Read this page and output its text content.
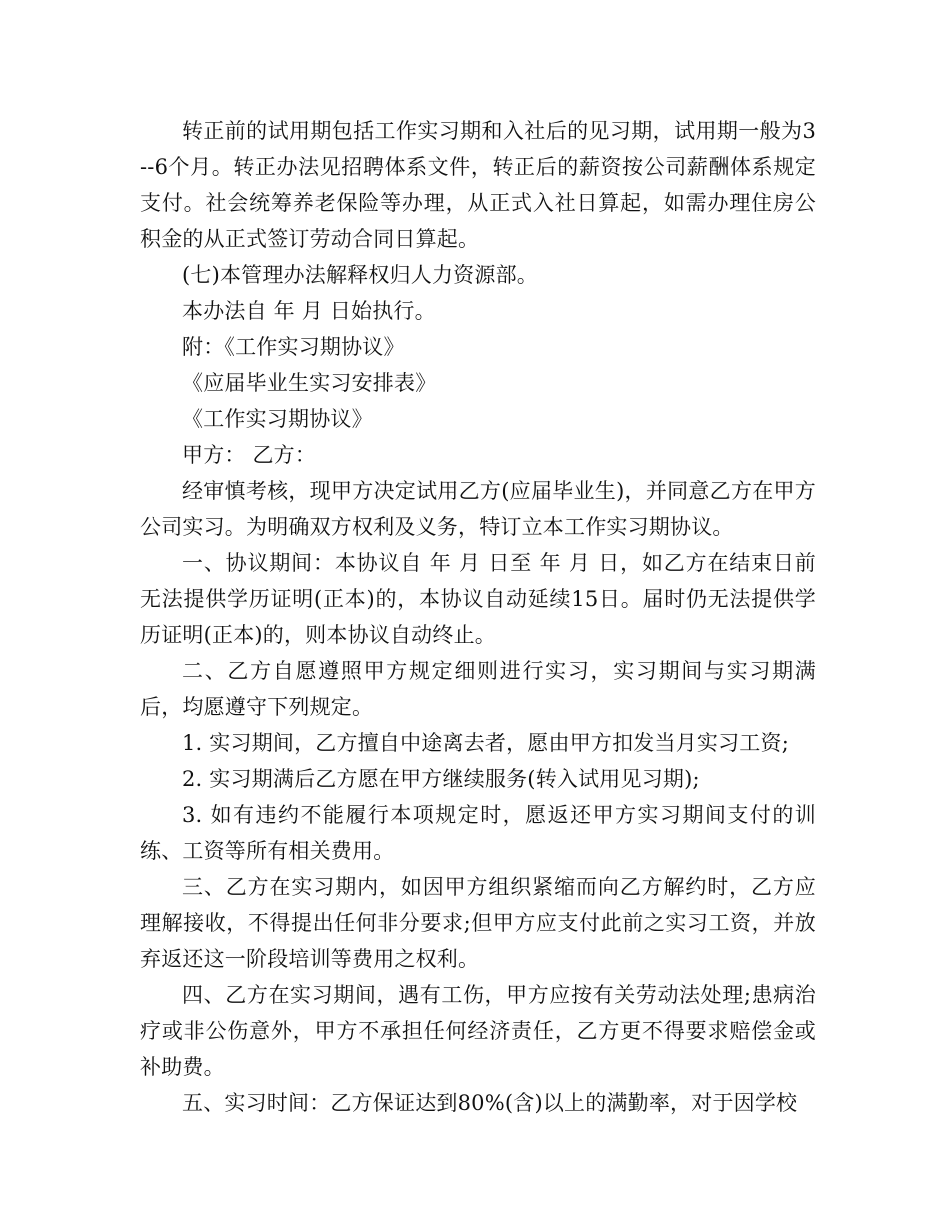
转正前的试用期包括工作实习期和入社后的见习期，试用期一般为3--6个月。转正办法见招聘体系文件，转正后的薪资按公司薪酬体系规定支付。社会统筹养老保险等办理，从正式入社日算起，如需办理住房公积金的从正式签订劳动合同日算起。

(七)本管理办法解释权归人力资源部。

本办法自 年 月 日始执行。

附：《工作实习期协议》

《应届毕业生实习安排表》

《工作实习期协议》

甲方： 乙方：

经审慎考核，现甲方决定试用乙方(应届毕业生)，并同意乙方在甲方公司实习。为明确双方权利及义务，特订立本工作实习期协议。

一、协议期间：本协议自 年 月 日至 年 月 日，如乙方在结束日前无法提供学历证明(正本)的，本协议自动延续15日。届时仍无法提供学历证明(正本)的，则本协议自动终止。

二、乙方自愿遵照甲方规定细则进行实习，实习期间与实习期满后，均愿遵守下列规定。

1. 实习期间，乙方擅自中途离去者，愿由甲方扣发当月实习工资;

2. 实习期满后乙方愿在甲方继续服务(转入试用见习期);

3. 如有违约不能履行本项规定时，愿返还甲方实习期间支付的训练、工资等所有相关费用。

三、乙方在实习期内，如因甲方组织紧缩而向乙方解约时，乙方应理解接收，不得提出任何非分要求;但甲方应支付此前之实习工资，并放弃返还这一阶段培训等费用之权利。

四、乙方在实习期间，遇有工伤，甲方应按有关劳动法处理;患病治疗或非公伤意外，甲方不承担任何经济责任，乙方更不得要求赔偿金或补助费。

五、实习时间：乙方保证达到80%(含)以上的满勤率，对于因学校
